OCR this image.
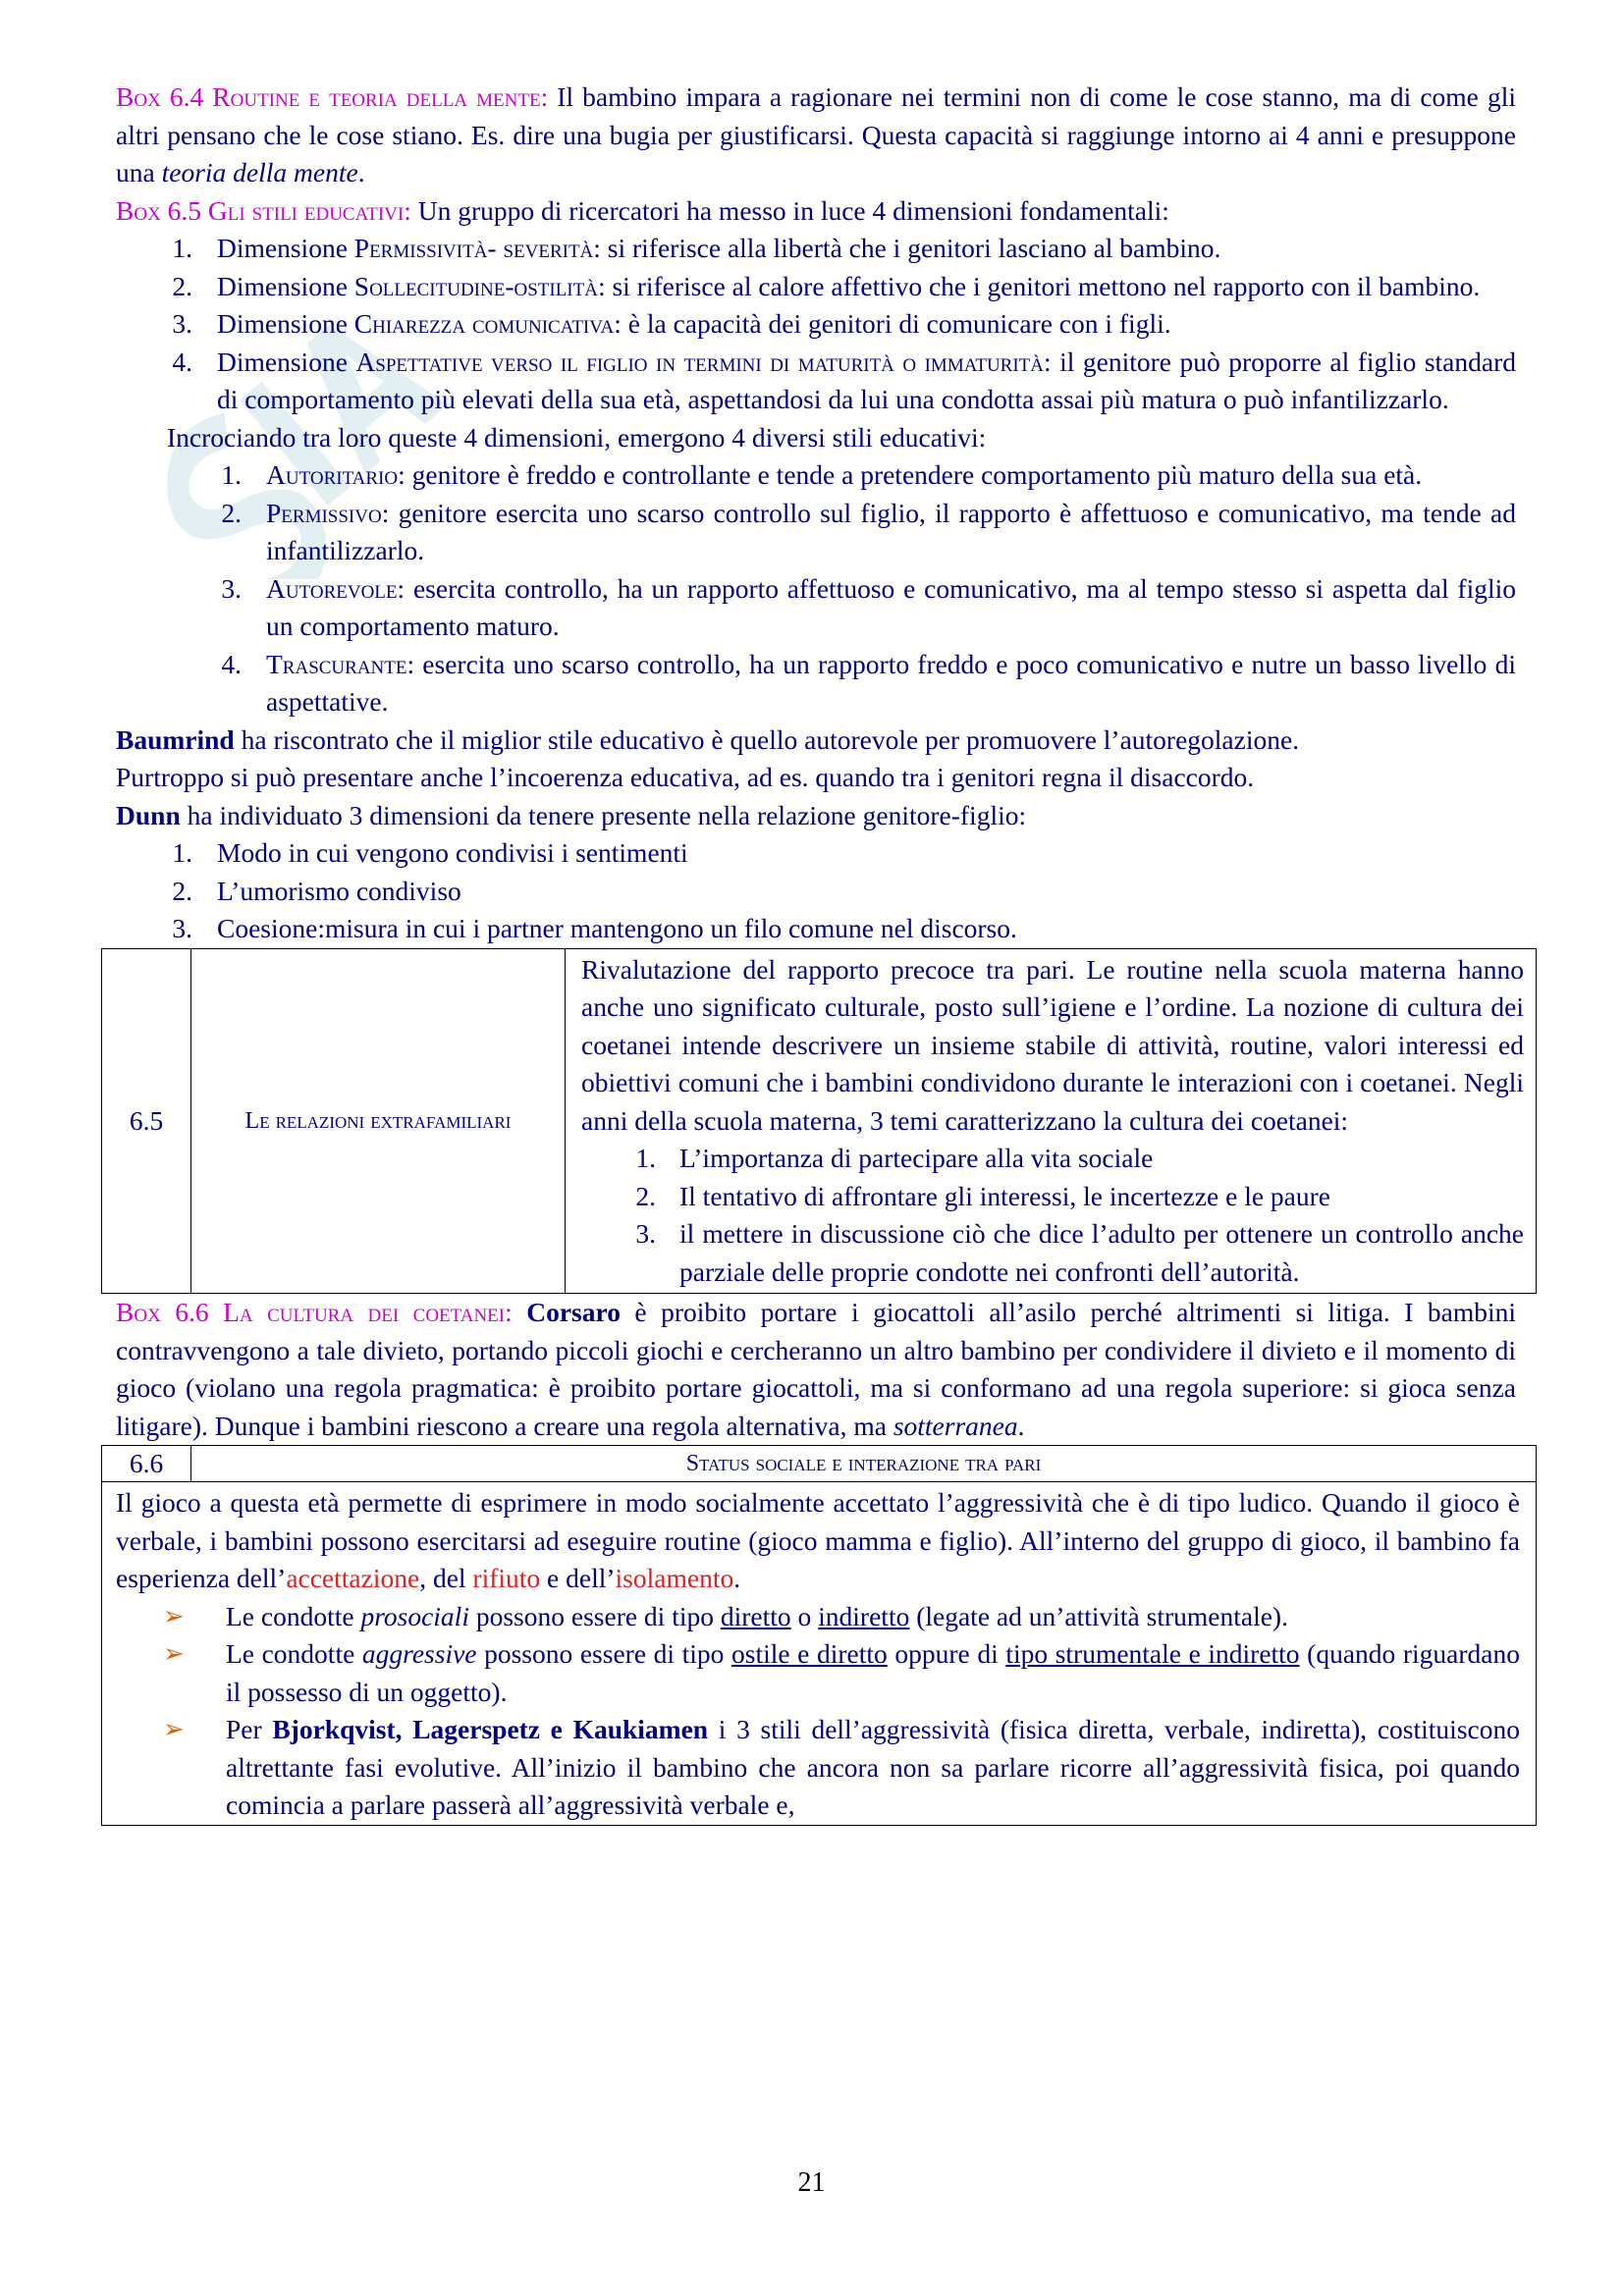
Box 6.4 Routine e teoria della mente: Il bambino impara a ragionare nei termini non di come le cose stanno, ma di come gli altri pensano che le cose stiano. Es. dire una bugia per giustificarsi. Questa capacità si raggiunge intorno ai 4 anni e presuppone una teoria della mente.

Box 6.5 Gli stili educativi: Un gruppo di ricercatori ha messo in luce 4 dimensioni fondamentali:

1. Dimensione Permissività- severità: si riferisce alla libertà che i genitori lasciano al bambino.
2. Dimensione Sollecitudine-ostilità: si riferisce al calore affettivo che i genitori mettono nel rapporto con il bambino.
3. Dimensione Chiarezza comunicativa: è la capacità dei genitori di comunicare con i figli.
4. Dimensione Aspettative verso il figlio in termini di maturità o immaturità: il genitore può proporre al figlio standard di comportamento più elevati della sua età, aspettandosi da lui una condotta assai più matura o può infantilizzarlo.

Incrociando tra loro queste 4 dimensioni, emergono 4 diversi stili educativi:

1. Autoritario: genitore è freddo e controllante e tende a pretendere comportamento più maturo della sua età.
2. Permissivo: genitore esercita uno scarso controllo sul figlio, il rapporto è affettuoso e comunicativo, ma tende ad infantilizzarlo.
3. Autorevole: esercita controllo, ha un rapporto affettuoso e comunicativo, ma al tempo stesso si aspetta dal figlio un comportamento maturo.
4. Trascurante: esercita uno scarso controllo, ha un rapporto freddo e poco comunicativo e nutre un basso livello di aspettative.

Baumrind ha riscontrato che il miglior stile educativo è quello autorevole per promuovere l’autoregolazione.

Purtroppo si può presentare anche l’incoerenza educativa, ad es. quando tra i genitori regna il disaccordo.

Dunn ha individuato 3 dimensioni da tenere presente nella relazione genitore-figlio:

1. Modo in cui vengono condivisi i sentimenti
2. L’umorismo condiviso
3. Coesione:misura in cui i partner mantengono un filo comune nel discorso.
6.5	Le relazioni extrafamiliari	
Rivalutazione del rapporto precoce tra pari. Le routine nella scuola materna hanno anche uno significato culturale, posto sull’igiene e l’ordine. La nozione di cultura dei coetanei intende descrivere un insieme stabile di attività, routine, valori interessi ed obiettivi comuni che i bambini condividono durante le interazioni con i coetanei. Negli anni della scuola materna, 3 temi caratterizzano la cultura dei coetanei:
1. L’importanza di partecipare alla vita sociale
2. Il tentativo di affrontare gli interessi, le incertezze e le paure
3. il mettere in discussione ciò che dice l’adulto per ottenere un controllo anche parziale delle proprie condotte nei confronti dell’autorità.

Box 6.6 La cultura dei coetanei: Corsaro è proibito portare i giocattoli all’asilo perché altrimenti si litiga. I bambini contravvengono a tale divieto, portando piccoli giochi e cercheranno un altro bambino per condividere il divieto e il momento di gioco (violano una regola pragmatica: è proibito portare giocattoli, ma si conformano ad una regola superiore: si gioca senza litigare). Dunque i bambini riescono a creare una regola alternativa, ma sotterranea.

6.6	Status sociale e interazione tra pari

Il gioco a questa età permette di esprimere in modo socialmente accettato l’aggressività che è di tipo ludico. Quando il gioco è verbale, i bambini possono esercitarsi ad eseguire routine (gioco mamma e figlio). All’interno del gruppo di gioco, il bambino fa esperienza dell’accettazione, del rifiuto e dell’isolamento.
➢ Le condotte prosociali possono essere di tipo diretto o indiretto (legate ad un’attività strumentale).
➢ Le condotte aggressive possono essere di tipo ostile e diretto oppure di tipo strumentale e indiretto (quando riguardano il possesso di un oggetto).
➢ Per Bjorkqvist, Lagerspetz e Kaukiamen i 3 stili dell’aggressività (fisica diretta, verbale, indiretta), costituiscono altrettante fasi evolutive. All’inizio il bambino che ancora non sa parlare ricorre all’aggressività fisica, poi quando comincia a parlare passerà all’aggressività verbale e,
21
